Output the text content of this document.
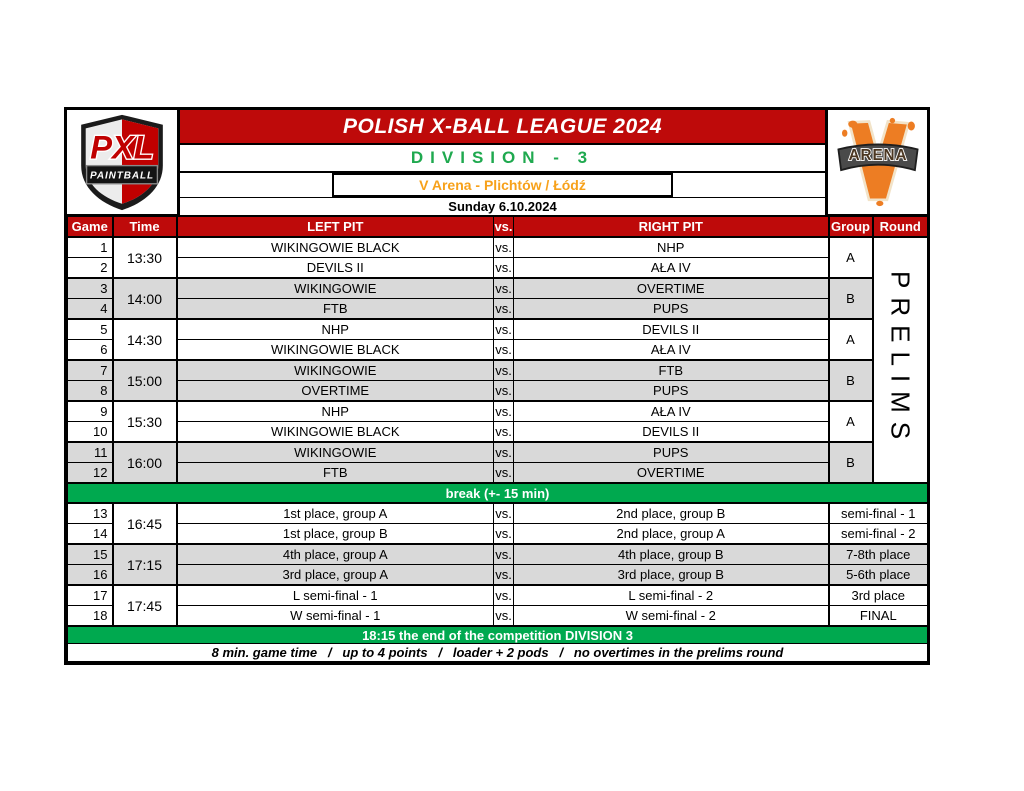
PXL
PAINTBALL
POLISH X-BALL LEAGUE 2024
DIVISION - 3
V Arena - Plichtów / Łódź
Sunday 6.10.2024
ARENA
Game	Time	LEFT PIT	vs.	RIGHT PIT	Group	Round
1	13:30	WIKINGOWIE BLACK	vs.	NHP	A	PRELIMS

2		DEVILS II	vs.	AŁA IV		
3	14:00	WIKINGOWIE	vs.	OVERTIME	B	
4		FTB	vs.	PUPS		
5	14:30	NHP	vs.	DEVILS II	A	
6		WIKINGOWIE BLACK	vs.	AŁA IV		
7	15:00	WIKINGOWIE	vs.	FTB	B	
8		OVERTIME	vs.	PUPS		
9	15:30	NHP	vs.	AŁA IV	A	
10		WIKINGOWIE BLACK	vs.	DEVILS II		
11	16:00	WIKINGOWIE	vs.	PUPS	B	
12		FTB	vs.	OVERTIME		
break (+- 15 min)						
13	16:45	1st place, group A	vs.	2nd place, group B	semi-final - 1	
14		1st place, group B	vs.	2nd place, group A	semi-final - 2	
15	17:15	4th place, group A	vs.	4th place, group B	7-8th place	
16		3rd place, group A	vs.	3rd place, group B	5-6th place	
17	17:45	L semi-final - 1	vs.	L semi-final - 2	3rd place	
18		W semi-final - 1	vs.	W semi-final - 2	FINAL	
18:15 the end of the competition DIVISION 3						
8 min. game time   /   up to 4 points   /   loader + 2 pods   /   no overtimes in the prelims round						
